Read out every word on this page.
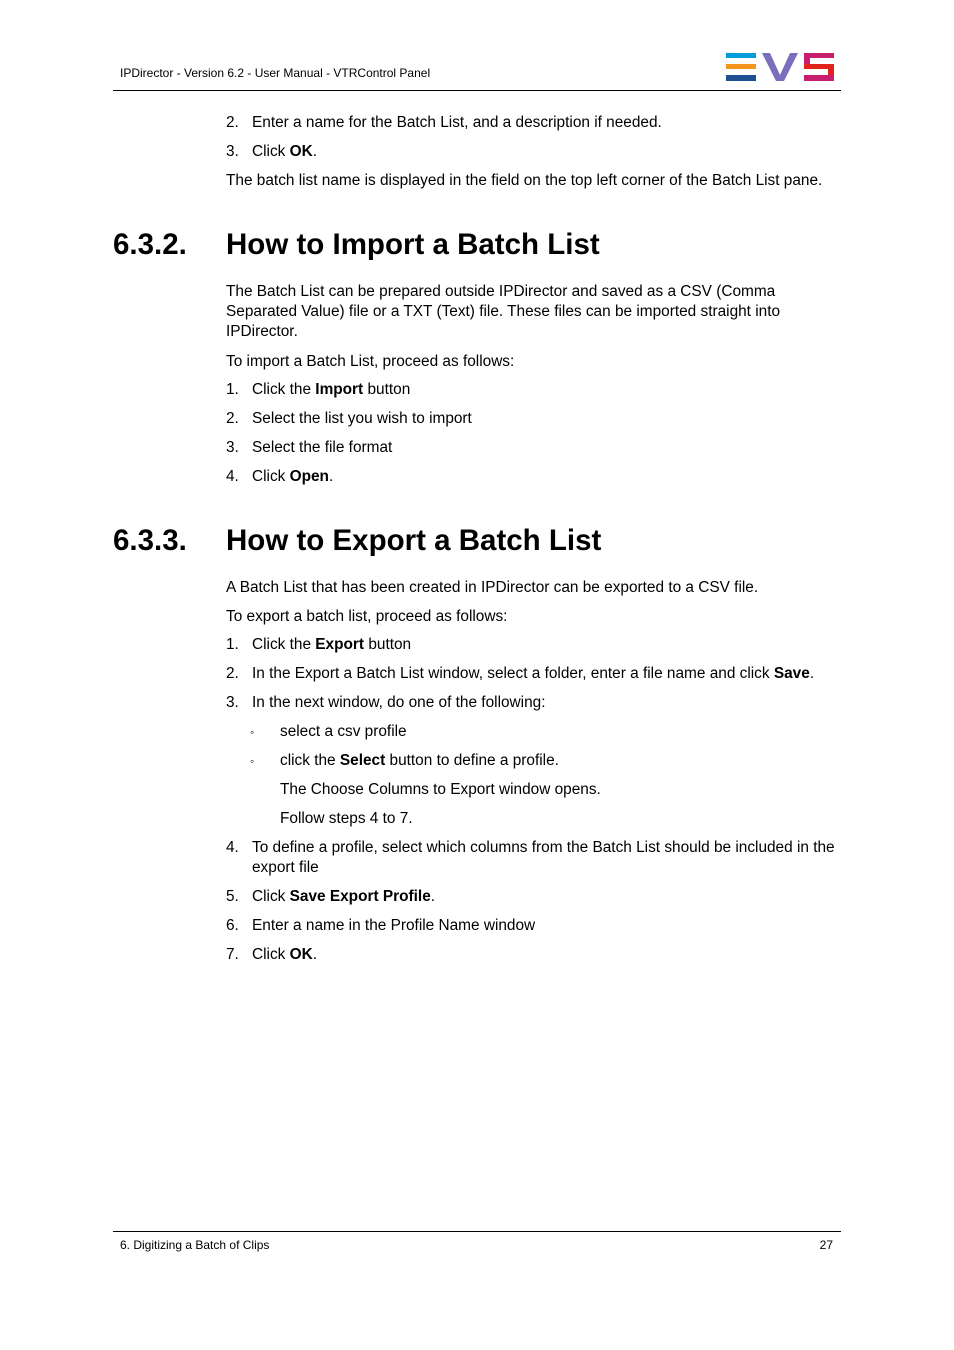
IPDirector - Version 6.2 - User Manual - VTRControl Panel
2. Enter a name for the Batch List, and a description if needed.
3. Click OK.
The batch list name is displayed in the field on the top left corner of the Batch List pane.
6.3.2. How to Import a Batch List
The Batch List can be prepared outside IPDirector and saved as a CSV (Comma
Separated Value) file or a TXT (Text) file. These files can be imported straight into
IPDirector.
To import a Batch List, proceed as follows:
1. Click the Import button
2. Select the list you wish to import
3. Select the file format
4. Click Open.
6.3.3. How to Export a Batch List
A Batch List that has been created in IPDirector can be exported to a CSV file.
To export a batch list, proceed as follows:
1. Click the Export button
2. In the Export a Batch List window, select a folder, enter a file name and click Save.
3. In the next window, do one of the following:
◦ select a csv profile
◦ click the Select button to define a profile.
The Choose Columns to Export window opens.
Follow steps 4 to 7.
4. To define a profile, select which columns from the Batch List should be included in the
export file
5. Click Save Export Profile.
6. Enter a name in the Profile Name window
7. Click OK.
6. Digitizing a Batch of Clips	27
